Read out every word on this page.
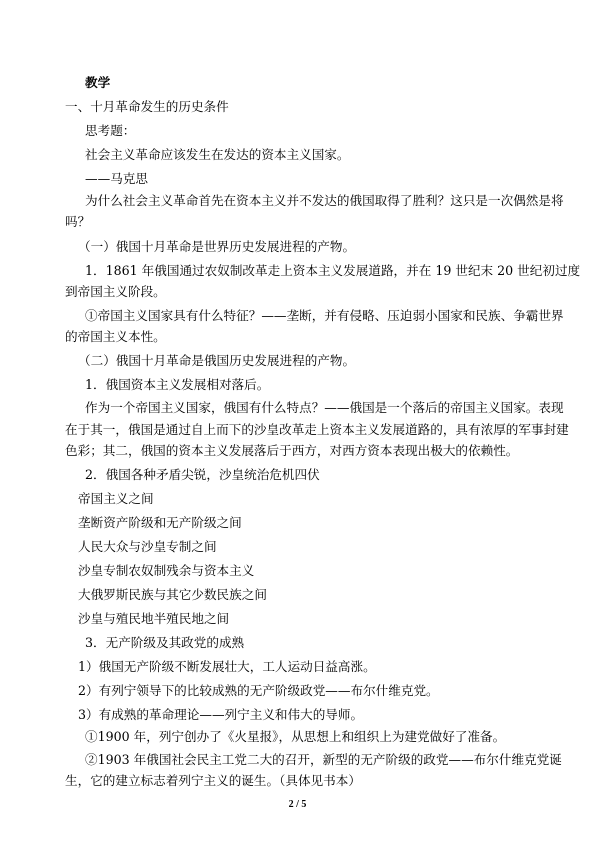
教学
一、十月革命发生的历史条件
思考题：
社会主义革命应该发生在发达的资本主义国家。
——马克思
为什么社会主义革命首先在资本主义并不发达的俄国取得了胜利？这只是一次偶然是将
吗？
（一）俄国十月革命是世界历史发展进程的产物。
1．1861 年俄国通过农奴制改革走上资本主义发展道路，并在 19 世纪末 20 世纪初过度
到帝国主义阶段。
①帝国主义国家具有什么特征？——垄断，并有侵略、压迫弱小国家和民族、争霸世界
的帝国主义本性。
（二）俄国十月革命是俄国历史发展进程的产物。
1．俄国资本主义发展相对落后。
作为一个帝国主义国家，俄国有什么特点？——俄国是一个落后的帝国主义国家。表现
在于其一，俄国是通过自上而下的沙皇改革走上资本主义发展道路的，具有浓厚的军事封建
色彩；其二，俄国的资本主义发展落后于西方，对西方资本表现出极大的依赖性。
2．俄国各种矛盾尖锐，沙皇统治危机四伏
帝国主义之间
垄断资产阶级和无产阶级之间
人民大众与沙皇专制之间
沙皇专制农奴制残余与资本主义
大俄罗斯民族与其它少数民族之间
沙皇与殖民地半殖民地之间
3．无产阶级及其政党的成熟
1）俄国无产阶级不断发展壮大，工人运动日益高涨。
2）有列宁领导下的比较成熟的无产阶级政党——布尔什维克党。
3）有成熟的革命理论——列宁主义和伟大的导师。
①1900 年，列宁创办了《火星报》，从思想上和组织上为建党做好了准备。
②1903 年俄国社会民主工党二大的召开，新型的无产阶级的政党——布尔什维克党诞
生，它的建立标志着列宁主义的诞生。（具体见书本）
2 / 5
